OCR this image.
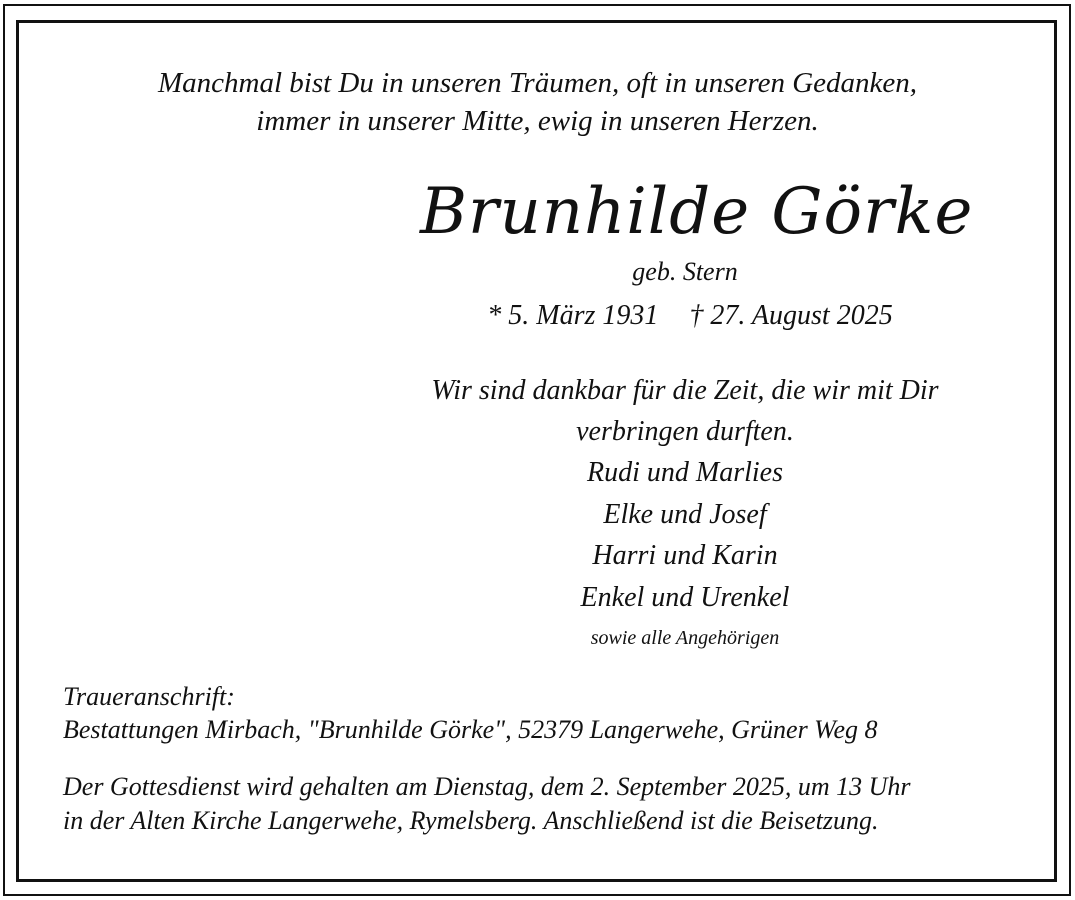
Manchmal bist Du in unseren Träumen, oft in unseren Gedanken,
immer in unserer Mitte, ewig in unseren Herzen.
Brunhilde Görke
geb. Stern
* 5. März 1931 † 27. August 2025
Wir sind dankbar für die Zeit, die wir mit Dir
verbringen durften.
Rudi und Marlies
Elke und Josef
Harri und Karin
Enkel und Urenkel
sowie alle Angehörigen
Traueranschrift:
Bestattungen Mirbach, "Brunhilde Görke", 52379 Langerwehe, Grüner Weg 8
Der Gottesdienst wird gehalten am Dienstag, dem 2. September 2025, um 13 Uhr
in der Alten Kirche Langerwehe, Rymelsberg. Anschließend ist die Beisetzung.
